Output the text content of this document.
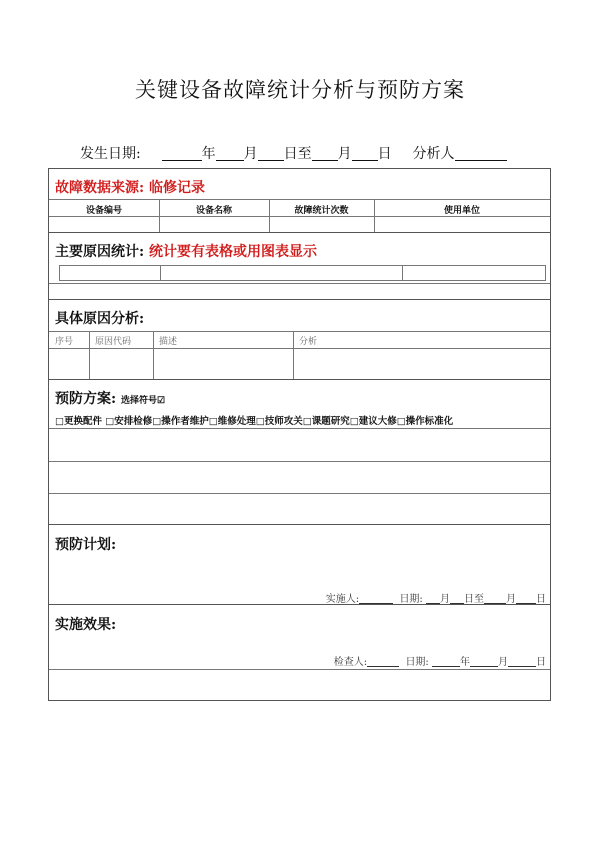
关键设备故障统计分析与预防方案
发生日期:	年 月 日至 月 日 分析人
故障数据来源: 临修记录
设备编号	设备名称	故障统计次数	使用单位
主要原因统计: 统计要有表格或用图表显示
具体原因分析:
序号 原因代码	描述	分析
预防方案: 选择符号☑
□更换配件 □安排检修□操作者维护□维修处理□技师攻关□课题研究□建议大修□操作标准化
预防计划:
实施人:	日期: 月 日至 月 日
实施效果:
检查人:	日期:	年	月	日
